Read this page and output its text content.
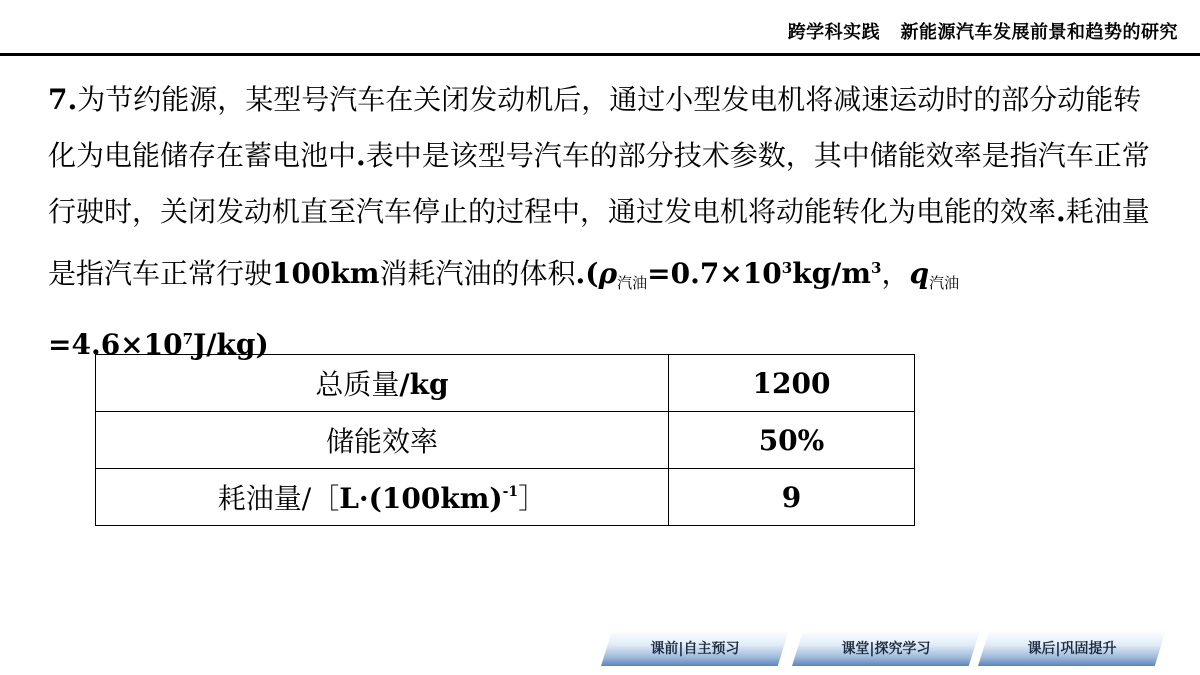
跨学科实践 新能源汽车发展前景和趋势的研究
7.为节约能源，某型号汽车在关闭发动机后，通过小型发电机将减速运动时的部分动能转化为电能储存在蓄电池中.表中是该型号汽车的部分技术参数，其中储能效率是指汽车正常行驶时，关闭发动机直至汽车停止的过程中，通过发电机将动能转化为电能的效率.耗油量是指汽车正常行驶100km消耗汽油的体积$.(\rho_{汽油}=0.7\times 10^3kg/m^3$，$q_{汽油}=4.6\times 10^7J/kg$)
总质量/kg	1200
储能效率	50%
耗油量$/[L\cdot(100km)^{-1}]$	9
课前|自主预习	课堂|探究学习	课后|巩固提升
